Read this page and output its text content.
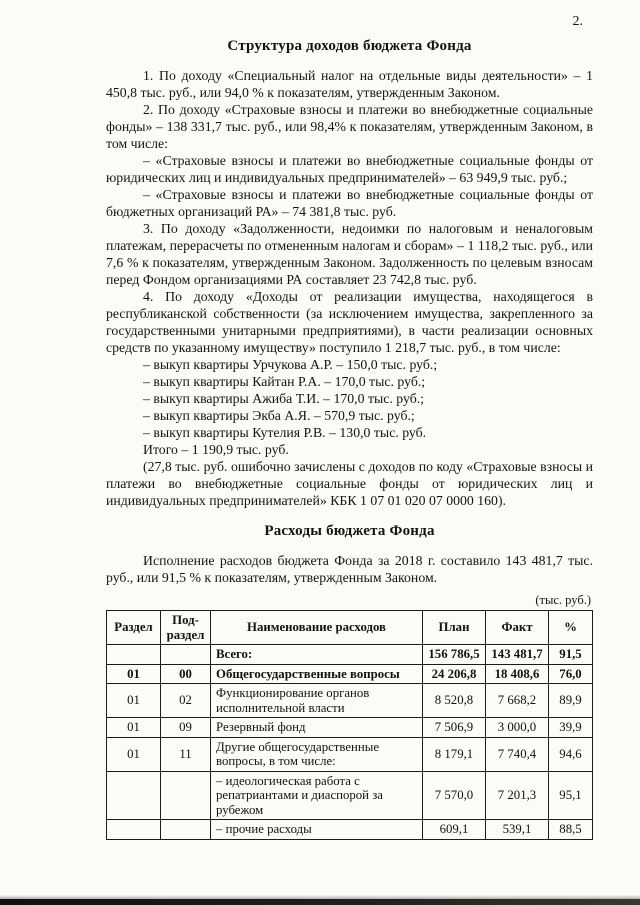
2.
Структура доходов бюджета Фонда

1. По доходу «Специальный налог на отдельные виды деятельности» – 1 450,8 тыс. руб., или 94,0 % к показателям, утвержденным Законом.

2. По доходу «Страховые взносы и платежи во внебюджетные социальные фонды» – 138 331,7 тыс. руб., или 98,4% к показателям, утвержденным Законом, в том числе:

– «Страховые взносы и платежи во внебюджетные социальные фонды от юридических лиц и индивидуальных предпринимателей» – 63 949,9 тыс. руб.;

– «Страховые взносы и платежи во внебюджетные социальные фонды от бюджетных организаций РА» – 74 381,8 тыс. руб.

3. По доходу «Задолженности, недоимки по налоговым и неналоговым платежам, перерасчеты по отмененным налогам и сборам» – 1 118,2 тыс. руб., или 7,6 % к показателям, утвержденным Законом. Задолженность по целевым взносам перед Фондом организациями РА составляет 23 742,8 тыс. руб.

4. По доходу «Доходы от реализации имущества, находящегося в республиканской собственности (за исключением имущества, закрепленного за государственными унитарными предприятиями), в части реализации основных средств по указанному имуществу» поступило 1 218,7 тыс. руб., в том числе:

– выкуп квартиры Урчукова А.Р. – 150,0 тыс. руб.;

– выкуп квартиры Кайтан Р.А. – 170,0 тыс. руб.;

– выкуп квартиры Ажиба Т.И. – 170,0 тыс. руб.;

– выкуп квартиры Экба А.Я. – 570,9 тыс. руб.;

– выкуп квартиры Кутелия Р.В. – 130,0 тыс. руб.

Итого – 1 190,9 тыс. руб.

(27,8 тыс. руб. ошибочно зачислены с доходов по коду «Страховые взносы и платежи во внебюджетные социальные фонды от юридических лиц и индивидуальных предпринимателей» КБК 1 07 01 020 07 0000 160).

Расходы бюджета Фонда

Исполнение расходов бюджета Фонда за 2018 г. составило 143 481,7 тыс. руб., или 91,5 % к показателям, утвержденным Законом.

(тыс. руб.)
Раздел	Под-раздел	Наименование расходов	План	Факт	%
		Всего:	156 786,5	143 481,7	91,5
01	00	Общегосударственные вопросы	24 206,8	18 408,6	76,0
01	02	Функционирование органов исполнительной власти	8 520,8	7 668,2	89,9
01	09	Резервный фонд	7 506,9	3 000,0	39,9
01	11	Другие общегосударственные вопросы, в том числе:	8 179,1	7 740,4	94,6
		– идеологическая работа с репатриантами и диаспорой за рубежом	7 570,0	7 201,3	95,1
		– прочие расходы	609,1	539,1	88,5
